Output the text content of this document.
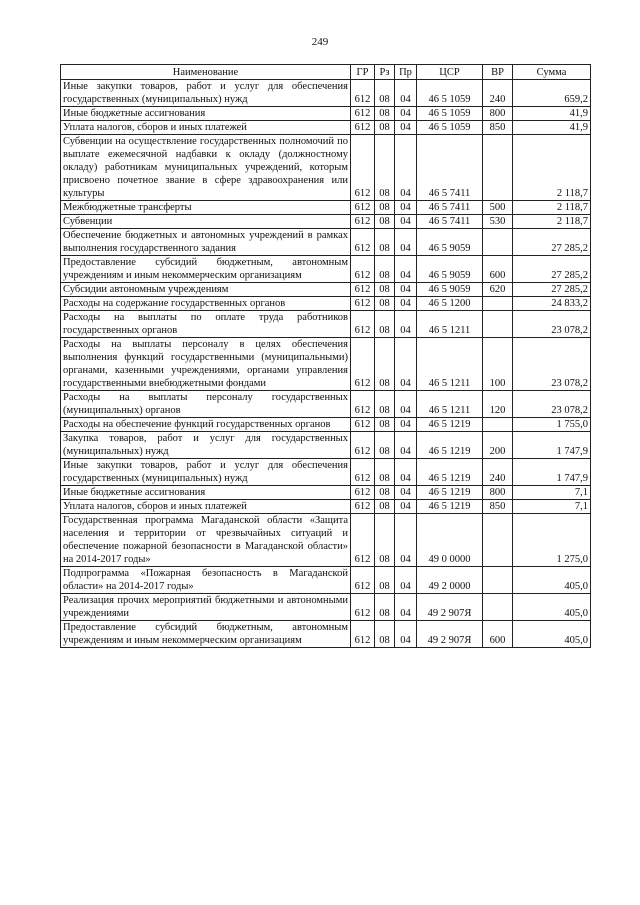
249
Наименование	ГР	Рз	Пр	ЦСР	ВР	Сумма
Иные закупки товаров, работ и услуг для обеспечения государственных (муниципальных) нужд	612	08	04	46 5 1059	240	659,2
Иные бюджетные ассигнования	612	08	04	46 5 1059	800	41,9
Уплата налогов, сборов и иных платежей	612	08	04	46 5 1059	850	41,9
Субвенции на осуществление государственных полномочий по выплате ежемесячной надбавки к окладу (должностному окладу) работникам муниципальных учреждений, которым присвоено почетное звание в сфере здравоохранения или культуры	612	08	04	46 5 7411		2 118,7
Межбюджетные трансферты	612	08	04	46 5 7411	500	2 118,7
Субвенции	612	08	04	46 5 7411	530	2 118,7
Обеспечение бюджетных и автономных учреждений в рамках выполнения государственного задания	612	08	04	46 5 9059		27 285,2
Предоставление субсидий бюджетным, автономным учреждениям и иным некоммерческим организациям	612	08	04	46 5 9059	600	27 285,2
Субсидии автономным учреждениям	612	08	04	46 5 9059	620	27 285,2
Расходы на содержание государственных органов	612	08	04	46 5 1200		24 833,2
Расходы на выплаты по оплате труда работников государственных органов	612	08	04	46 5 1211		23 078,2
Расходы на выплаты персоналу в целях обеспечения выполнения функций государственными (муниципальными) органами, казенными учреждениями, органами управления государственными внебюджетными фондами	612	08	04	46 5 1211	100	23 078,2
Расходы на выплаты персоналу государственных (муниципальных) органов	612	08	04	46 5 1211	120	23 078,2
Расходы на обеспечение функций государственных органов	612	08	04	46 5 1219		1 755,0
Закупка товаров, работ и услуг для государственных (муниципальных) нужд	612	08	04	46 5 1219	200	1 747,9
Иные закупки товаров, работ и услуг для обеспечения государственных (муниципальных) нужд	612	08	04	46 5 1219	240	1 747,9
Иные бюджетные ассигнования	612	08	04	46 5 1219	800	7,1
Уплата налогов, сборов и иных платежей	612	08	04	46 5 1219	850	7,1
Государственная программа Магаданской области «Защита населения и территории от чрезвычайных ситуаций и обеспечение пожарной безопасности в Магаданской области» на 2014-2017 годы»	612	08	04	49 0 0000		1 275,0
Подпрограмма «Пожарная безопасность в Магаданской области» на 2014-2017 годы»	612	08	04	49 2 0000		405,0
Реализация прочих мероприятий бюджетными и автономными учреждениями	612	08	04	49 2 907Я		405,0
Предоставление субсидий бюджетным, автономным учреждениям и иным некоммерческим организациям	612	08	04	49 2 907Я	600	405,0
